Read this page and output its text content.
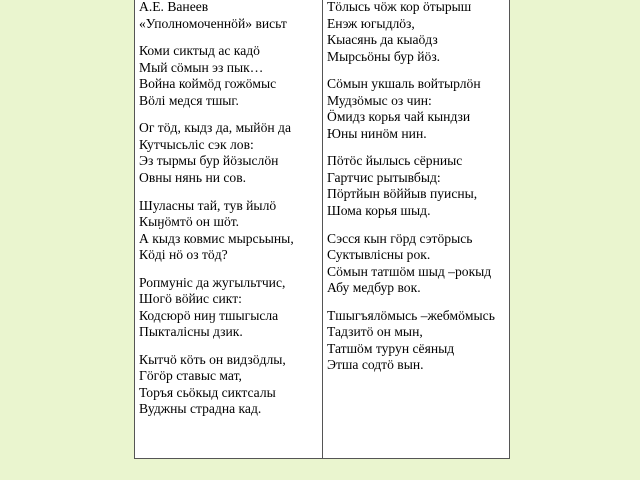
А.Е. Ванеев
«Уполномоченнӧй» висьт
Коми сиктыд ас кадӧ
Мый сӧмын эз пык…
Война коймӧд гожӧмыс
Вӧлі медся тшыг.
Ог тӧд, кыдз да, мыйӧн да
Кутчысьліс сэк лов:
Эз тырмы бур йӧзыслӧн
Овны нянь ни сов.
Шуласны тай, тув йылӧ
Кыӈӧмтӧ он шӧт.
А кыдз ковмис мырсьыны,
Кӧді нӧ оз тӧд?
Ропмуніс да жугыльтчис,
Шогӧ вӧйис сикт:
Кодсюрӧ ниӈ тшыгысла
Пыкталісны дзик.
Кытчӧ кӧть он видзӧдлы,
Гӧгӧр ставыс мат,
Торъя сьӧкыд сиктсалы
Вуджны страдна кад.
Тӧлысь чӧж кор ӧтырыш
Енэж югыдлӧз,
Кыасянь да кыаӧдз
Мырсьӧны бур йӧз.
Сӧмын укшаль войтырлӧн
Мудзӧмыс оз чин:
Ӧмидз корья чай кындзи
Юны нинӧм нин.
Пӧтӧс йылысь сёрниыс
Гартчис рытывбыд:
Пӧртйын вӧййыв пуисны,
Шома корья шыд.
Сэсся кын гӧрд сэтӧрысь
Суктывлісны рок.
Сӧмын татшӧм шыд –рокыд
Абу медбур вок.
Тшыгъялӧмысь –жебмӧмысь
Тадзитӧ он мын,
Татшӧм турун сёяныд
Этша содтӧ вын.
